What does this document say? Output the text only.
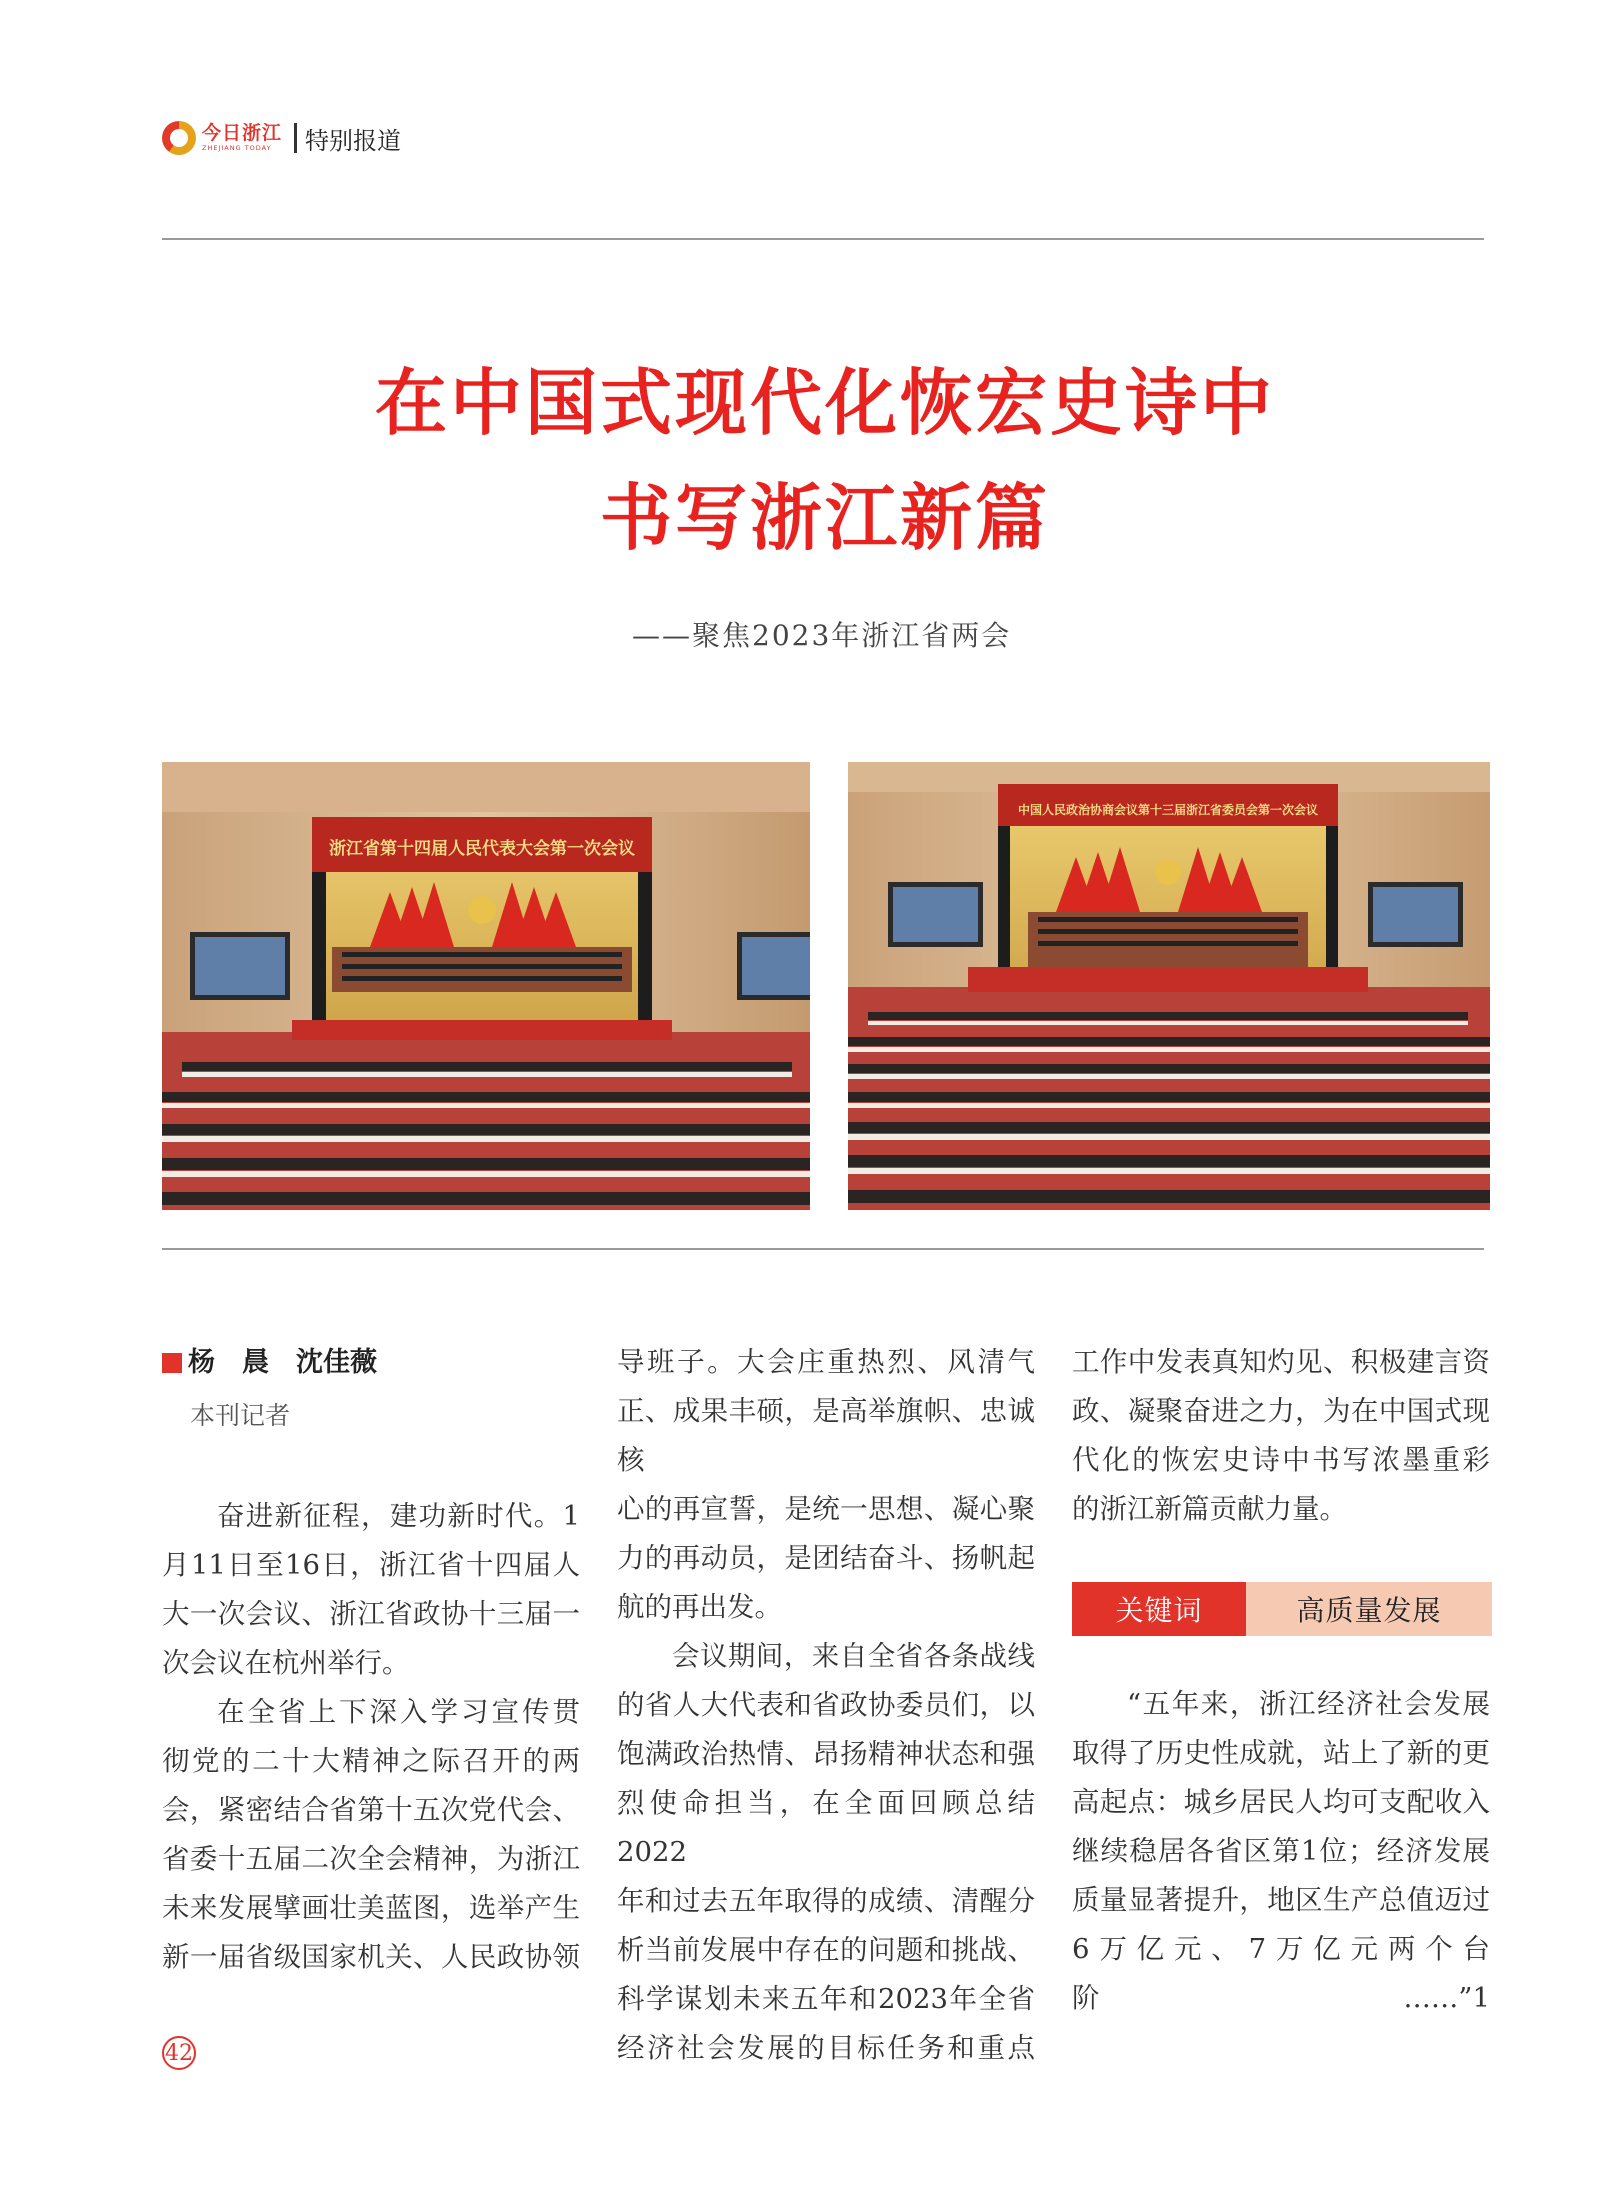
今日浙江
ZHEJIANG TODAY	特别报道
在中国式现代化恢宏史诗中
书写浙江新篇
——聚焦2023年浙江省两会
浙江省第十四届人民代表大会第一次会议
中国人民政治协商会议第十三届浙江省委员会第一次会议
杨　晨　沈佳薇
本刊记者

奋进新征程，建功新时代。1

月11日至16日，浙江省十四届人

大一次会议、浙江省政协十三届一

次会议在杭州举行。

在全省上下深入学习宣传贯

彻党的二十大精神之际召开的两

会，紧密结合省第十五次党代会、

省委十五届二次全会精神，为浙江

未来发展擘画壮美蓝图，选举产生

新一届省级国家机关、人民政协领

导班子。大会庄重热烈、风清气

正、成果丰硕，是高举旗帜、忠诚核

心的再宣誓，是统一思想、凝心聚

力的再动员，是团结奋斗、扬帆起

航的再出发。

会议期间，来自全省各条战线

的省人大代表和省政协委员们，以

饱满政治热情、昂扬精神状态和强

烈使命担当，在全面回顾总结2022

年和过去五年取得的成绩、清醒分

析当前发展中存在的问题和挑战、

科学谋划未来五年和2023年全省

经济社会发展的目标任务和重点

工作中发表真知灼见、积极建言资

政、凝聚奋进之力，为在中国式现

代化的恢宏史诗中书写浓墨重彩

的浙江新篇贡献力量。

关键词	高质量发展

“五年来，浙江经济社会发展

取得了历史性成就，站上了新的更

高起点：城乡居民人均可支配收入

继续稳居各省区第1位；经济发展

质量显著提升，地区生产总值迈过

6万亿元、7万亿元两个台阶……”1

42
